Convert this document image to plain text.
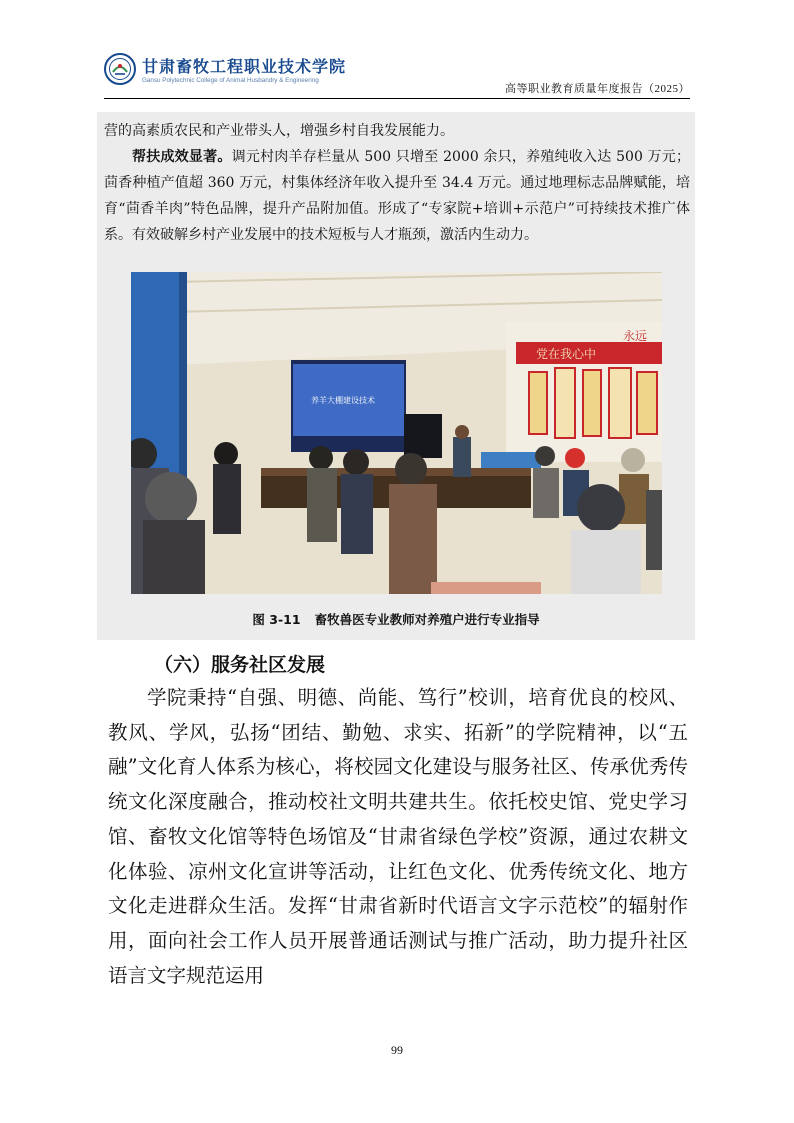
甘肃畜牧工程职业技术学院
Gansu Polytechnic College of Animal Husbandry & Engineering
高等职业教育质量年度报告（2025）

营的高素质农民和产业带头人，增强乡村自我发展能力。

帮扶成效显著。调元村肉羊存栏量从 500 只增至 2000 余只，养殖纯收入达 500 万元；茴香种植产值超 360 万元，村集体经济年收入提升至 34.4 万元。通过地理标志品牌赋能，培育“茴香羊肉”特色品牌，提升产品附加值。形成了“专家院+培训+示范户”可持续技术推广体系。有效破解乡村产业发展中的技术短板与人才瓶颈，激活内生动力。

党在我心中
永远
养羊大棚建设技术
图 3-11 畜牧兽医专业教师对养殖户进行专业指导
（六）服务社区发展

学院秉持“自强、明德、尚能、笃行”校训，培育优良的校风、教风、学风，弘扬“团结、勤勉、求实、拓新”的学院精神，以“五融”文化育人体系为核心，将校园文化建设与服务社区、传承优秀传统文化深度融合，推动校社文明共建共生。依托校史馆、党史学习馆、畜牧文化馆等特色场馆及“甘肃省绿色学校”资源，通过农耕文化体验、凉州文化宣讲等活动，让红色文化、优秀传统文化、地方文化走进群众生活。发挥“甘肃省新时代语言文字示范校”的辐射作用，面向社会工作人员开展普通话测试与推广活动，助力提升社区语言文字规范运用

99
